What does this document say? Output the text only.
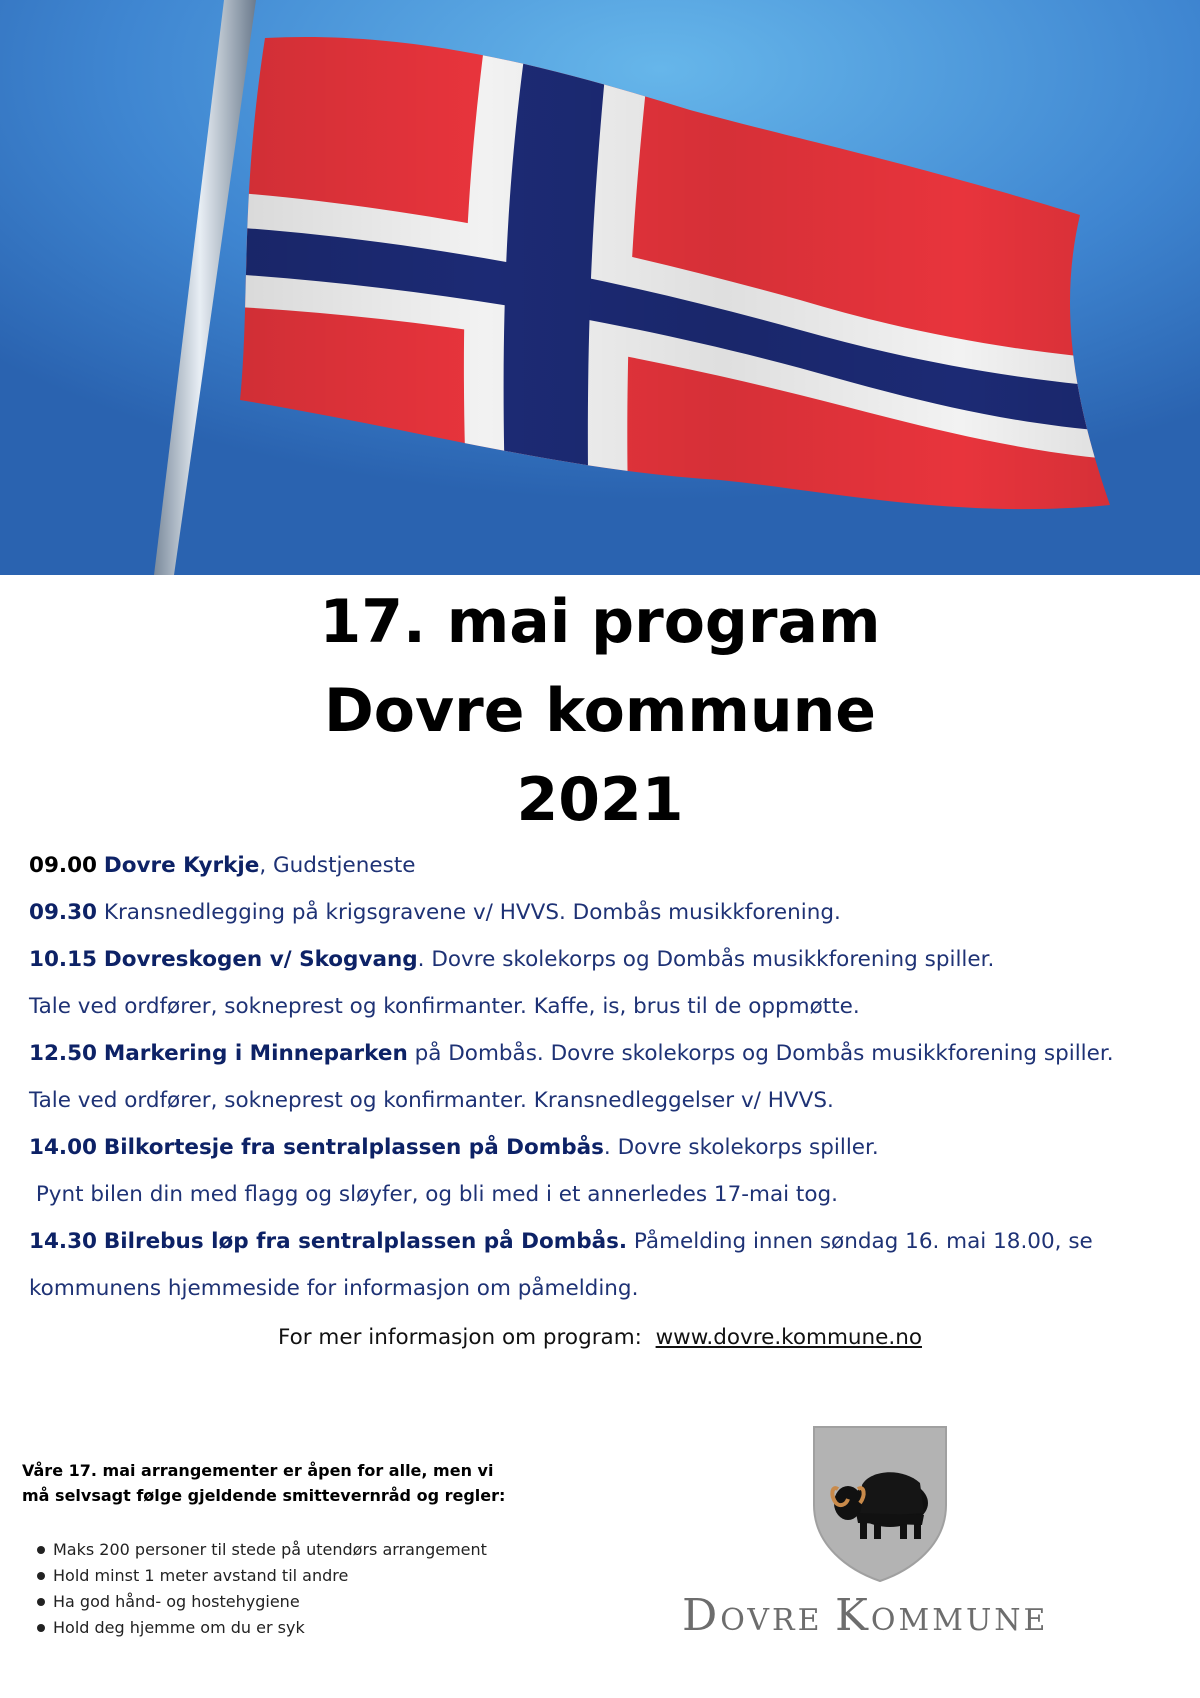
17. mai program
Dovre kommune
2021
09.00 Dovre Kyrkje, Gudstjeneste
09.30 Kransnedlegging på krigsgravene v/ HVVS. Dombås musikkforening.
10.15 Dovreskogen v/ Skogvang. Dovre skolekorps og Dombås musikkforening spiller.
Tale ved ordfører, sokneprest og konfirmanter. Kaffe, is, brus til de oppmøtte.
12.50 Markering i Minneparken på Dombås. Dovre skolekorps og Dombås musikkforening spiller.
Tale ved ordfører, sokneprest og konfirmanter. Kransnedleggelser v/ HVVS.
14.00 Bilkortesje fra sentralplassen på Dombås. Dovre skolekorps spiller.
Pynt bilen din med flagg og sløyfer, og bli med i et annerledes 17-mai tog.
14.30 Bilrebus løp fra sentralplassen på Dombås. Påmelding innen søndag 16. mai 18.00, se
kommunens hjemmeside for informasjon om påmelding.
For mer informasjon om program:  www.dovre.kommune.no
Våre 17. mai arrangementer er åpen for alle, men vi
må selvsagt følge gjeldende smittevernråd og regler:
Maks 200 personer til stede på utendørs arrangement
Hold minst 1 meter avstand til andre
Ha god hånd- og hostehygiene
Hold deg hjemme om du er syk	DOVRE KOMMUNE
